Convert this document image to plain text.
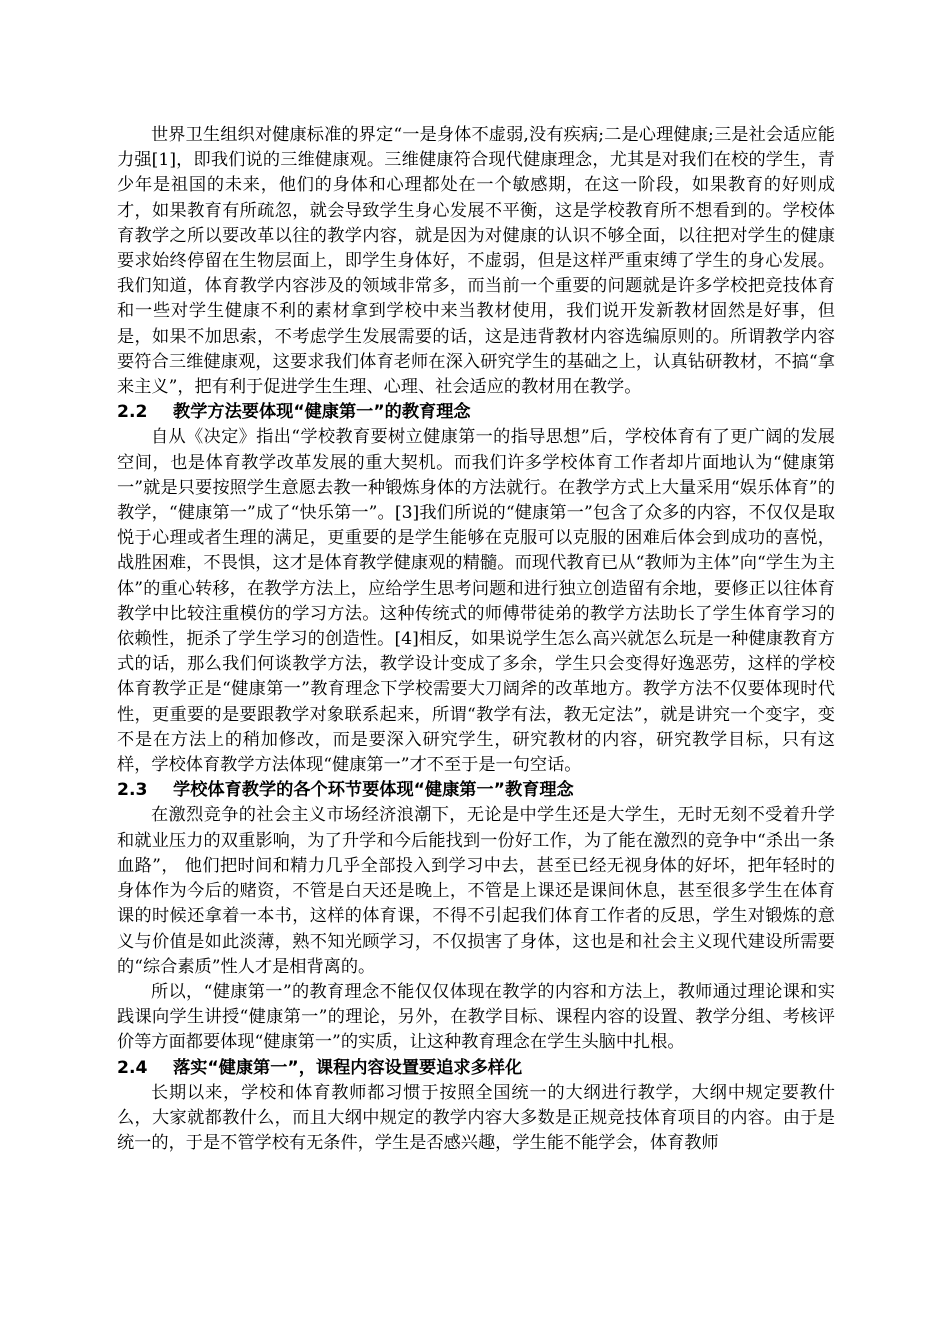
世界卫生组织对健康标准的界定“一是身体不虚弱,没有疾病;二是心理健康;三是社会适应能力强[1]，即我们说的三维健康观。三维健康符合现代健康理念，尤其是对我们在校的学生，青少年是祖国的未来，他们的身体和心理都处在一个敏感期，在这一阶段，如果教育的好则成才，如果教育有所疏忽，就会导致学生身心发展不平衡，这是学校教育所不想看到的。学校体育教学之所以要改革以往的教学内容，就是因为对健康的认识不够全面，以往把对学生的健康要求始终停留在生物层面上，即学生身体好，不虚弱，但是这样严重束缚了学生的身心发展。我们知道，体育教学内容涉及的领域非常多，而当前一个重要的问题就是许多学校把竞技体育和一些对学生健康不利的素材拿到学校中来当教材使用，我们说开发新教材固然是好事，但是，如果不加思索，不考虑学生发展需要的话，这是违背教材内容选编原则的。所谓教学内容要符合三维健康观，这要求我们体育老师在深入研究学生的基础之上，认真钻研教材，不搞“拿来主义”，把有利于促进学生生理、心理、社会适应的教材用在教学。

2.2 教学方法要体现“健康第一”的教育理念

自从《决定》指出“学校教育要树立健康第一的指导思想”后，学校体育有了更广阔的发展空间，也是体育教学改革发展的重大契机。而我们许多学校体育工作者却片面地认为“健康第一”就是只要按照学生意愿去教一种锻炼身体的方法就行。在教学方式上大量采用“娱乐体育”的教学，“健康第一”成了“快乐第一”。[3]我们所说的“健康第一”包含了众多的内容，不仅仅是取悦于心理或者生理的满足，更重要的是学生能够在克服可以克服的困难后体会到成功的喜悦，战胜困难，不畏惧，这才是体育教学健康观的精髓。而现代教育已从“教师为主体”向“学生为主体”的重心转移，在教学方法上，应给学生思考问题和进行独立创造留有余地，要修正以往体育教学中比较注重模仿的学习方法。这种传统式的师傅带徒弟的教学方法助长了学生体育学习的依赖性，扼杀了学生学习的创造性。[4]相反，如果说学生怎么高兴就怎么玩是一种健康教育方式的话，那么我们何谈教学方法，教学设计变成了多余，学生只会变得好逸恶劳，这样的学校体育教学正是“健康第一”教育理念下学校需要大刀阔斧的改革地方。教学方法不仅要体现时代性，更重要的是要跟教学对象联系起来，所谓“教学有法，教无定法”，就是讲究一个变字，变不是在方法上的稍加修改，而是要深入研究学生，研究教材的内容，研究教学目标，只有这样，学校体育教学方法体现“健康第一”才不至于是一句空话。

2.3 学校体育教学的各个环节要体现“健康第一”教育理念

在激烈竞争的社会主义市场经济浪潮下，无论是中学生还是大学生，无时无刻不受着升学和就业压力的双重影响，为了升学和今后能找到一份好工作，为了能在激烈的竞争中“杀出一条血路”， 他们把时间和精力几乎全部投入到学习中去，甚至已经无视身体的好坏，把年轻时的身体作为今后的赌资，不管是白天还是晚上，不管是上课还是课间休息，甚至很多学生在体育课的时候还拿着一本书，这样的体育课，不得不引起我们体育工作者的反思，学生对锻炼的意义与价值是如此淡薄，熟不知光顾学习，不仅损害了身体，这也是和社会主义现代建设所需要的“综合素质”性人才是相背离的。

所以，“健康第一”的教育理念不能仅仅体现在教学的内容和方法上，教师通过理论课和实践课向学生讲授“健康第一”的理论，另外，在教学目标、课程内容的设置、教学分组、考核评价等方面都要体现“健康第一”的实质，让这种教育理念在学生头脑中扎根。

2.4 落实“健康第一”，课程内容设置要追求多样化

长期以来，学校和体育教师都习惯于按照全国统一的大纲进行教学，大纲中规定要教什么，大家就都教什么，而且大纲中规定的教学内容大多数是正规竞技体育项目的内容。由于是统一的，于是不管学校有无条件，学生是否感兴趣，学生能不能学会，体育教师
